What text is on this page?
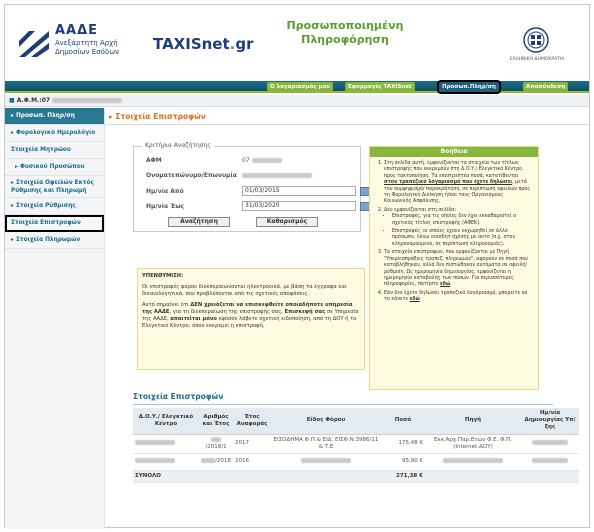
ΑΑΔΕ
Ανεξάρτητη Αρχή Δημοσίων Εσόδων	TAXISnet.gr
Προσωποποιημένη Πληροφόρηση
ΕΛΛΗΝΙΚΗ ΔΗΜΟΚΡΑΤΙΑ
Ο λογαριασμός μου	Εφαρμογές TAXISnet	Προσωπ.Πληρ/ση	Αποσύνδεση
■ Α.Φ.Μ.:07
▸ Προσωπ. Πληρ/ση
▸ Φορολογικό Ημερολόγιο
Στοιχεία Μητρώου
▸ Φυσικού Προσώπου
▸ Στοιχεία Οφειλών Εκτός Ρύθμισης και Πληρωμή
▸ Στοιχεία Ρύθμισης
Στοιχεία Επιστροφών
▸ Στοιχεία Πληρωμών
▸ Στοιχεία Επιστροφών
Κριτήρια Αναζήτησης
ΑΦΜ	07
Ονοματεπώνυμο/Επωνυμία
Ημ/νία Από	01/03/2015
Ημ/νία Έως	31/03/2020
Αναζήτηση	Καθαρισμός

ΥΠΕΝΘΥΜΙΣΗ:

Οι επιστροφές φόρου διεκπεραιώνονται ηλεκτρονικά, με βάση τα έγγραφα και δικαιολογητικά, που προβλέπονται από τις σχετικές αποφάσεις.

Αυτό σημαίνει ότι ΔΕΝ χρειάζεται να επισκεφθείτε οποιαδήποτε υπηρεσία της ΑΑΔΕ, για τη διεκπεραίωση της επιστροφής σας. Επισκεψή σας σε Υπηρεσία της ΑΑΔΕ, απαιτείται μόνο εφόσον λάβετε σχετική ειδοποίηση, από τη ΔΟΥ ή το Ελεγκτικό Κέντρο, όπου εκκρεμεί η επιστροφή.

Βοήθεια
1. Στη σελίδα αυτή, εμφανίζονται τα στοιχεία των τίτλων επιστροφής που εκκρεμούν στη Δ.Ο.Υ./ Ελεγκτικό Κέντρο προς τακτοποίηση. Τα επιστρεπτέα ποσά, κατατίθενται στον τραπεζικό λογαριασμό που έχετε δηλώσει, μετά τον συμψηφισμό/ παρακράτηση, σε περίπτωση οφειλών προς τη Φορολογική Διοίκηση ή/και τους Οργανισμούς Κοινωνικής Ασφάλισης.
2. Δεν εμφανίζονται στη σελίδα:
• Επιστροφές, για τις οποίες δεν έχει εκκαθαριστεί ο σχετικός τίτλος επιστροφής (ΑΦΕΚ).
• Επιστροφές, οι οποίες έχουν εκχωρηθεί σε άλλο πρόσωπο, λόγω οιασδήτ σχέσης με αυτό (π.χ. στον κληρονομούμενο, σε περίπτωση κληρονομιάς).
3. Τα στοιχεία επιστροφών, που εμφανίζονται με Πηγή "Υπερεισπράξεις τραπεζ. πληρωμών", αφορούν σε ποσά που καταβλήθηκαν, αλλά δεν πιστώθηκαν αυτόματα σε οφειλή/ρύθμιση. Ως ημερομηνία δημιουργίας, εμφανίζεται η ημερομηνία καταβολής των ποσών. Για περισσότερες πληροφορίες, πατήστε εδώ
4. Εάν δεν έχετε δηλώσει τραπεζικό λογαριασμό, μπορείτε να το κάνετε εδώ
Στοιχεία Επιστροφών
Δ.Ο.Υ./ Ελεγκτικό Κέντρο	Αριθμός και Έτος	Έτος Αναφοράς	Είδος Φόρου	Ποσό	Πηγή	Ημ/νία Δημιουργίας Υπ/ξης
	/2018/1	2017	ΕΙΣΟΔΗΜΑ Φ.Π.& ΕΙΔ. ΕΙΣΦ.Ν.3986/11 & Τ.Ε	175,48 €	Εκκ.Αρχ.Παρ.Ετών Φ.Ε. Φ.Π. (Internet-ΔΟΥ)	
	/2018	2016		95,90 €		
ΣΥΝΟΛΟ				271,38 €		
